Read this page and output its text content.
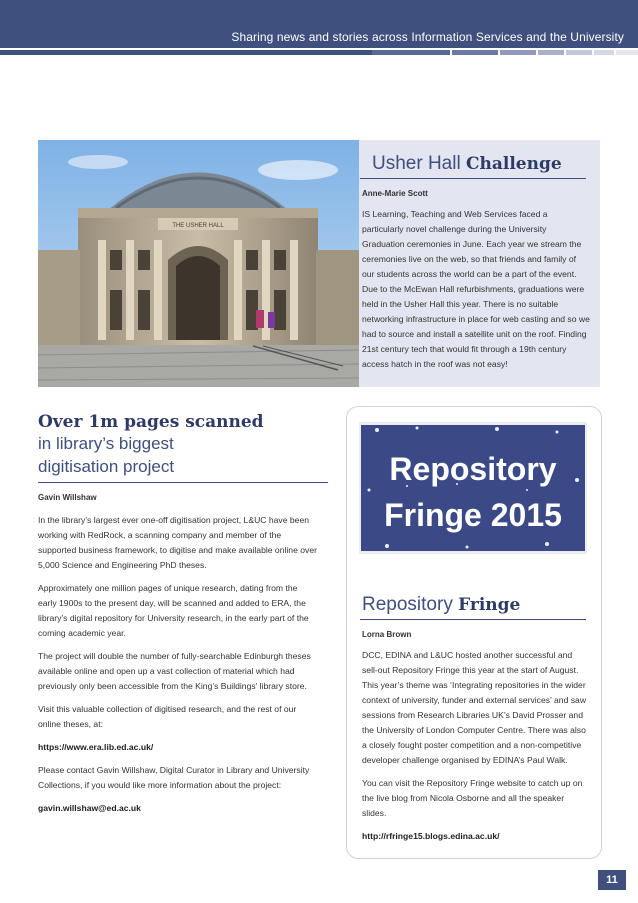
Sharing news and stories across Information Services and the University
THE USHER HALL
'Usher Hall' by Tom is licensed under CC BY 2.0
Usher Hall Challenge
Anne-Marie Scott

IS Learning, Teaching and Web Services faced a particularly novel challenge during the University Graduation ceremonies in June. Each year we stream the ceremonies live on the web, so that friends and family of our students across the world can be a part of the event. Due to the McEwan Hall refurbishments, graduations were held in the Usher Hall this year. There is no suitable networking infrastructure in place for web casting and so we had to source and install a satellite unit on the roof. Finding 21st century tech that would fit through a 19th century access hatch in the roof was not easy!

Over 1m pages scanned
in library’s biggest
digitisation project
Gavin Willshaw

In the library’s largest ever one-off digitisation project, L&UC have been working with RedRock, a scanning company and member of the supported business framework, to digitise and make available online over 5,000 Science and Engineering PhD theses.

Approximately one million pages of unique research, dating from the early 1900s to the present day, will be scanned and added to ERA, the library’s digital repository for University research, in the early part of the coming academic year.

The project will double the number of fully-searchable Edinburgh theses available online and open up a vast collection of material which had previously only been accessible from the King’s Buildings’ library store.

Visit this valuable collection of digitised research, and the rest of our online theses, at:

https://www.era.lib.ed.ac.uk/

Please contact Gavin Willshaw, Digital Curator in Library and University Collections, if you would like more information about the project:

gavin.willshaw@ed.ac.uk

Repository
Fringe 2015
Repository Fringe
Lorna Brown

DCC, EDINA and L&UC hosted another successful and sell-out Repository Fringe this year at the start of August. This year’s theme was ‘Integrating repositories in the wider context of university, funder and external services’ and saw sessions from Research Libraries UK’s David Prosser and the University of London Computer Centre. There was also a closely fought poster competition and a non-competitive developer challenge organised by EDINA’s Paul Walk.

You can visit the Repository Fringe website to catch up on the live blog from Nicola Osborne and all the speaker slides.

http://rfringe15.blogs.edina.ac.uk/

11
